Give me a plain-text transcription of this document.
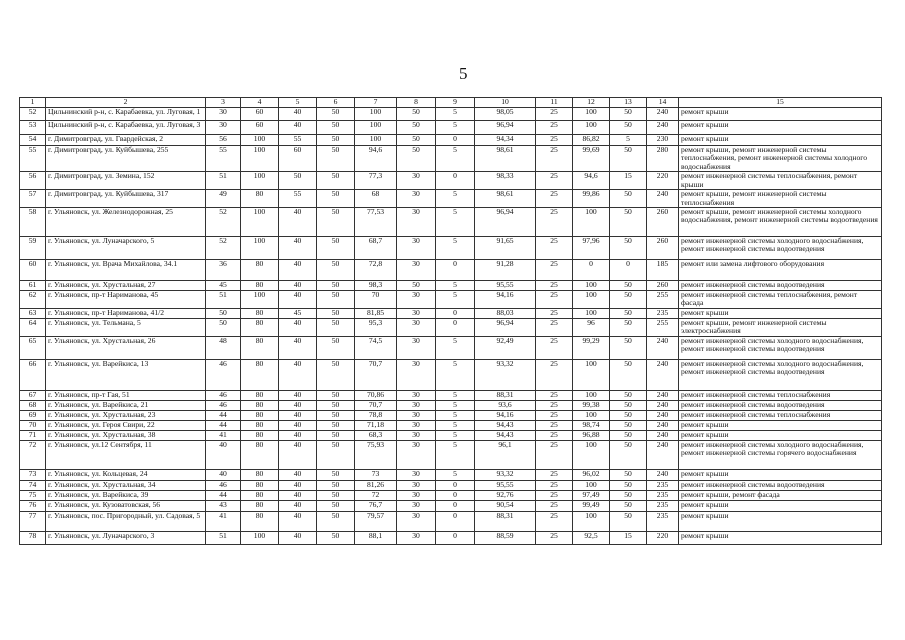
5
1	2	3	4	5	6	7	8	9	10	11	12	13	14	15
52	Цильнинский р-н, с. Карабаевка, ул. Луговая, 1	30	60	40	50	100	50	5	98,05	25	100	50	240	ремонт крыши
53	Цильнинский р-н, с. Карабаевка, ул. Луговая, 3	30	60	40	50	100	50	5	96,94	25	100	50	240	ремонт крыши
54	г. Димитровград, ул. Гвардейская, 2	56	100	55	50	100	50	0	94,34	25	86,82	5	230	ремонт крыши
55	г. Димитровград, ул. Куйбышева, 255	55	100	60	50	94,6	50	5	98,61	25	99,69	50	280	ремонт крыши, ремонт инженерной системы теплоснабжения, ремонт инженерной системы холодного водоснабжения
56	г. Димитровград, ул. Земина, 152	51	100	50	50	77,3	30	0	98,33	25	94,6	15	220	ремонт инженерной системы теплоснабжения, ремонт крыши
57	г. Димитровград, ул. Куйбышева, 317	49	80	55	50	68	30	5	98,61	25	99,86	50	240	ремонт крыши, ремонт инженерной системы теплоснабжения
58	г. Ульяновск, ул. Железнодорожная, 25	52	100	40	50	77,53	30	5	96,94	25	100	50	260	ремонт крыши, ремонт инженерной системы холодного водоснабжения, ремонт инженерной системы водоотведения
59	г. Ульяновск, ул. Луначарского, 5	52	100	40	50	68,7	30	5	91,65	25	97,96	50	260	ремонт инженерной системы холодного водоснабжения, ремонт инженерной системы водоотведения
60	г. Ульяновск, ул. Врача Михайлова, 34.1	36	80	40	50	72,8	30	0	91,28	25	0	0	185	ремонт или замена лифтового оборудования
61	г. Ульяновск, ул. Хрустальная, 27	45	80	40	50	98,3	50	5	95,55	25	100	50	260	ремонт инженерной системы водоотведения
62	г. Ульяновск, пр-т Нариманова, 45	51	100	40	50	70	30	5	94,16	25	100	50	255	ремонт инженерной системы теплоснабжения, ремонт фасада
63	г. Ульяновск, пр-т Нариманова, 41/2	50	80	45	50	81,85	30	0	88,03	25	100	50	235	ремонт крыши
64	г. Ульяновск, ул. Тельмана, 5	50	80	40	50	95,3	30	0	96,94	25	96	50	255	ремонт крыши, ремонт инженерной системы электроснабжения
65	г. Ульяновск, ул. Хрустальная, 26	48	80	40	50	74,5	30	5	92,49	25	99,29	50	240	ремонт инженерной системы холодного водоснабжения, ремонт инженерной системы водоотведения
66	г. Ульяновск, ул. Варейкиса, 13	46	80	40	50	70,7	30	5	93,32	25	100	50	240	ремонт инженерной системы холодного водоснабжения, ремонт инженерной системы водоотведения
67	г. Ульяновск, пр-т Гая, 51	46	80	40	50	70,86	30	5	88,31	25	100	50	240	ремонт инженерной системы теплоснабжения
68	г. Ульяновск, ул. Варейкиса, 21	46	80	40	50	70,7	30	5	93,6	25	99,38	50	240	ремонт инженерной системы водоотведения
69	г. Ульяновск, ул. Хрустальная, 23	44	80	40	50	78,8	30	5	94,16	25	100	50	240	ремонт инженерной системы теплоснабжения
70	г. Ульяновск, ул. Героя Свири, 22	44	80	40	50	71,18	30	5	94,43	25	98,74	50	240	ремонт крыши
71	г. Ульяновск, ул. Хрустальная, 38	41	80	40	50	68,3	30	5	94,43	25	96,88	50	240	ремонт крыши
72	г. Ульяновск, ул.12 Сентября, 11	40	80	40	50	75,93	30	5	96,1	25	100	50	240	ремонт инженерной системы холодного водоснабжения, ремонт инженерной системы горячего водоснабжения
73	г. Ульяновск, ул. Кольцевая, 24	40	80	40	50	73	30	5	93,32	25	96,02	50	240	ремонт крыши
74	г. Ульяновск, ул. Хрустальная, 34	46	80	40	50	81,26	30	0	95,55	25	100	50	235	ремонт инженерной системы водоотведения
75	г. Ульяновск, ул. Варейкиса, 39	44	80	40	50	72	30	0	92,76	25	97,49	50	235	ремонт крыши, ремонт фасада
76	г. Ульяновск, ул. Кузоватовская, 56	43	80	40	50	76,7	30	0	90,54	25	99,49	50	235	ремонт крыши
77	г. Ульяновск, пос. Пригородный, ул. Садовая, 5	41	80	40	50	79,57	30	0	88,31	25	100	50	235	ремонт крыши
78	г. Ульяновск, ул. Луначарского, 3	51	100	40	50	88,1	30	0	88,59	25	92,5	15	220	ремонт крыши
